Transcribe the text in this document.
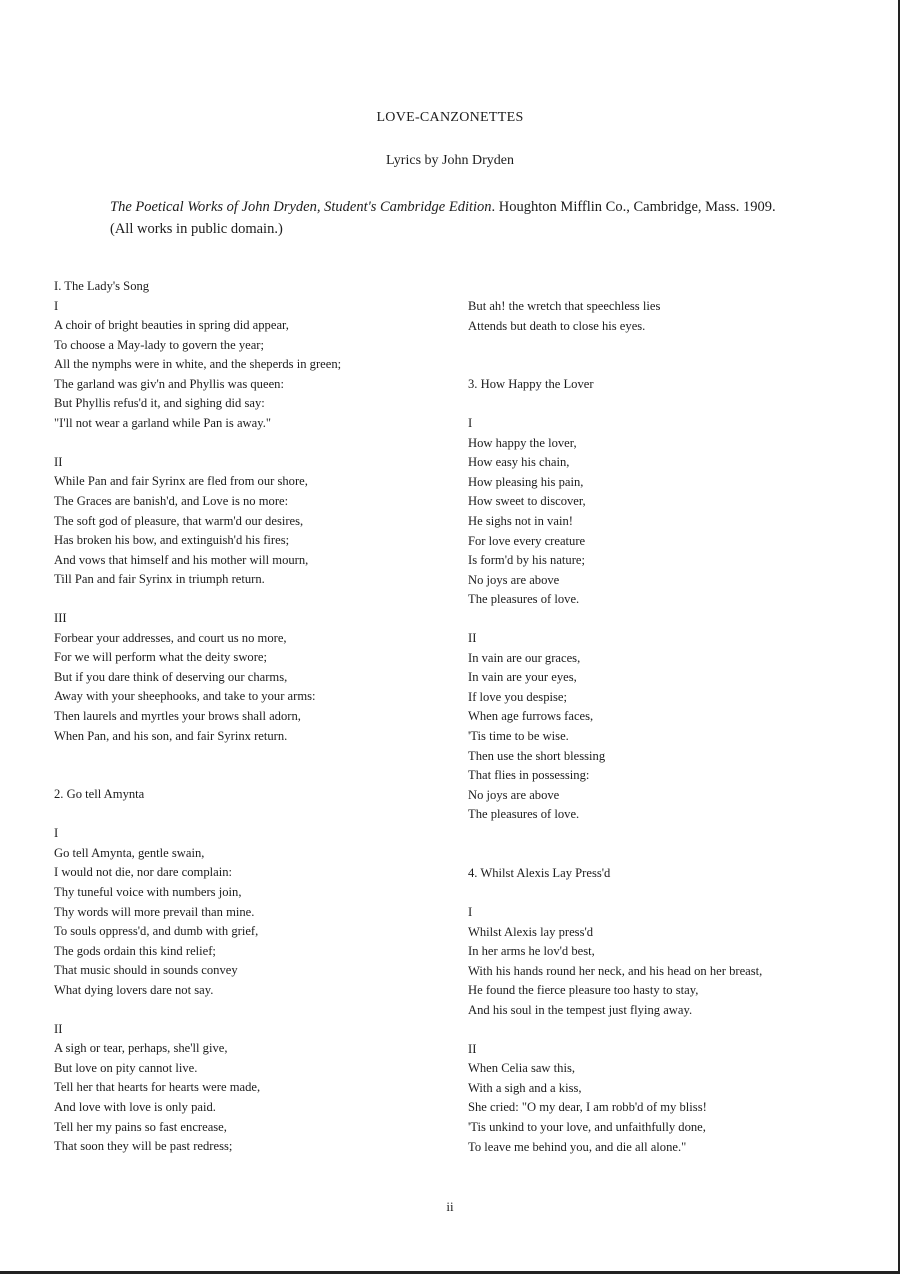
LOVE-CANZONETTES
Lyrics by John Dryden
The Poetical Works of John Dryden, Student's Cambridge Edition. Houghton Mifflin Co., Cambridge, Mass. 1909. (All works in public domain.)
I. The Lady's Song
I
A choir of bright beauties in spring did appear,
To choose a May-lady to govern the year;
All the nymphs were in white, and the sheperds in green;
The garland was giv'n and Phyllis was queen:
But Phyllis refus'd it, and sighing did say:
"I'll not wear a garland while Pan is away."
II
While Pan and fair Syrinx are fled from our shore,
The Graces are banish'd, and Love is no more:
The soft god of pleasure, that warm'd our desires,
Has broken his bow, and extinguish'd his fires;
And vows that himself and his mother will mourn,
Till Pan and fair Syrinx in triumph return.
III
Forbear your addresses, and court us no more,
For we will perform what the deity swore;
But if you dare think of deserving our charms,
Away with your sheephooks, and take to your arms:
Then laurels and myrtles your brows shall adorn,
When Pan, and his son, and fair Syrinx return.
2. Go tell Amynta
I
Go tell Amynta, gentle swain,
I would not die, nor dare complain:
Thy tuneful voice with numbers join,
Thy words will more prevail than mine.
To souls oppress'd, and dumb with grief,
The gods ordain this kind relief;
That music should in sounds convey
What dying lovers dare not say.
II
A sigh or tear, perhaps, she'll give,
But love on pity cannot live.
Tell her that hearts for hearts were made,
And love with love is only paid.
Tell her my pains so fast encrease,
That soon they will be past redress;
But ah! the wretch that speechless lies
Attends but death to close his eyes.
3. How Happy the Lover
I
How happy the lover,
How easy his chain,
How pleasing his pain,
How sweet to discover,
He sighs not in vain!
For love every creature
Is form'd by his nature;
No joys are above
The pleasures of love.
II
In vain are our graces,
In vain are your eyes,
If love you despise;
When age furrows faces,
'Tis time to be wise.
Then use the short blessing
That flies in possessing:
No joys are above
The pleasures of love.
4. Whilst Alexis Lay Press'd
I
Whilst Alexis lay press'd
In her arms he lov'd best,
With his hands round her neck, and his head on her breast,
He found the fierce pleasure too hasty to stay,
And his soul in the tempest just flying away.
II
When Celia saw this,
With a sigh and a kiss,
She cried: "O my dear, I am robb'd of my bliss!
'Tis unkind to your love, and unfaithfully done,
To leave me behind you, and die all alone."
ii
